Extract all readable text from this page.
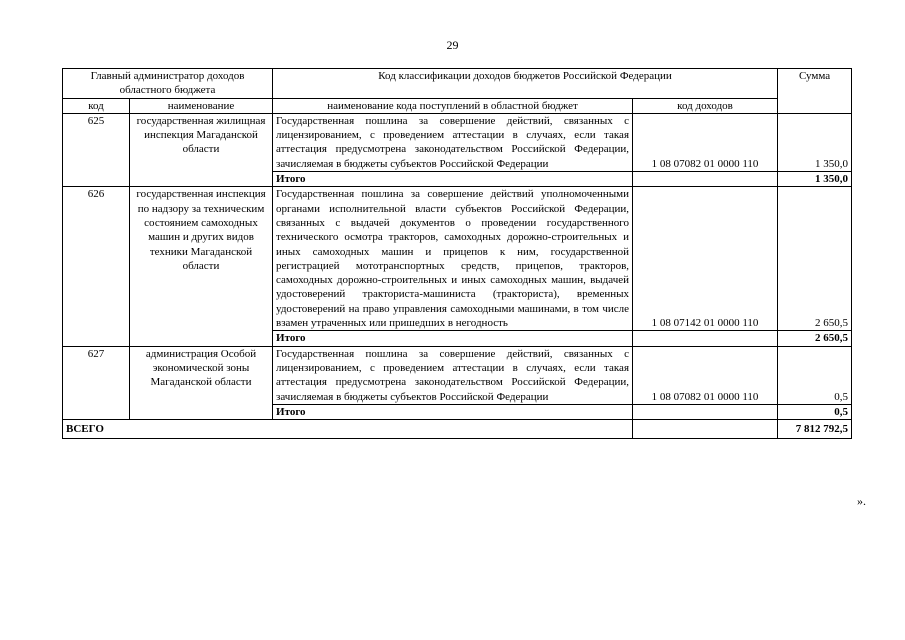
29
Главный администратор доходов областного бюджета		Код классификации доходов бюджетов Российской Федерации		Сумма
код	наименование	наименование кода поступлений в областной бюджет	код доходов	
625	государственная жилищная инспекция Магаданской области	Государственная пошлина за совершение действий, связанных с лицензированием, с проведением аттестации в случаях, если такая аттестация предусмотрена законодательством Российской Федерации, зачисляемая в бюджеты субъектов Российской Федерации	1 08 07082 01 0000 110	1 350,0
		Итого		1 350,0
626	государственная инспекция по надзору за техническим состоянием самоходных машин и других видов техники Магаданской области	Государственная пошлина за совершение действий уполномоченными органами исполнительной власти субъектов Российской Федерации, связанных с выдачей документов о проведении государственного технического осмотра тракторов, самоходных дорожно-строительных и иных самоходных машин и прицепов к ним, государственной регистрацией мототранспортных средств, прицепов, тракторов, самоходных дорожно-строительных и иных самоходных машин, выдачей удостоверений тракториста-машиниста (тракториста), временных удостоверений на право управления самоходными машинами, в том числе взамен утраченных или пришедших в негодность	1 08 07142 01 0000 110	2 650,5
		Итого		2 650,5
627	администрация Особой экономической зоны Магаданской области	Государственная пошлина за совершение действий, связанных с лицензированием, с проведением аттестации в случаях, если такая аттестация предусмотрена законодательством Российской Федерации, зачисляемая в бюджеты субъектов Российской Федерации	1 08 07082 01 0000 110	0,5
		Итого		0,5
ВСЕГО				7 812 792,5
».
